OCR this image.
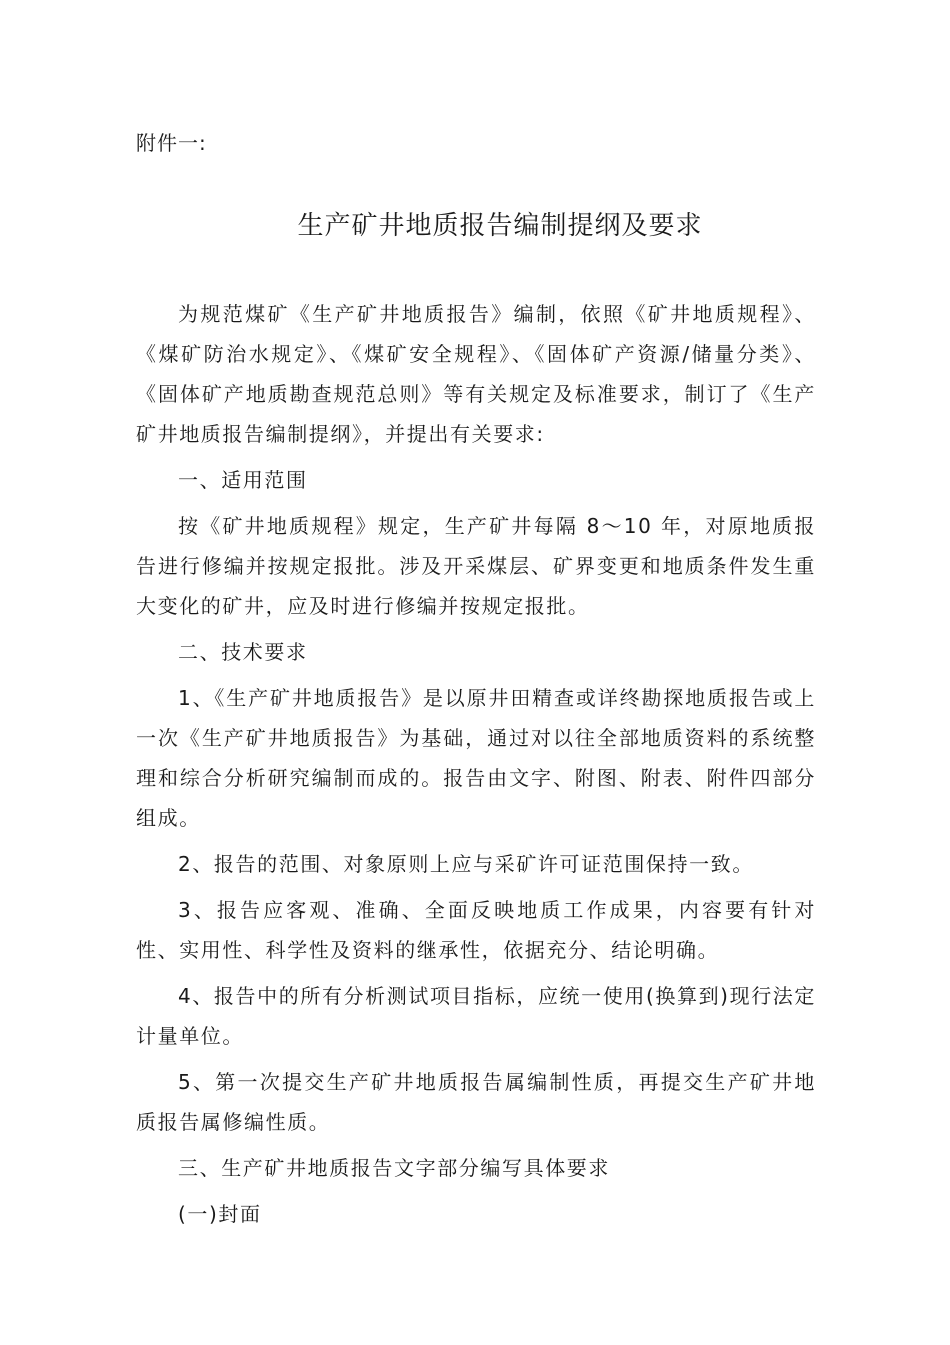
附件一:
生产矿井地质报告编制提纲及要求

为规范煤矿《生产矿井地质报告》编制，依照《矿井地质规程》、《煤矿防治水规定》、《煤矿安全规程》、《固体矿产资源/储量分类》、《固体矿产地质勘查规范总则》等有关规定及标准要求，制订了《生产矿井地质报告编制提纲》，并提出有关要求:

一、适用范围

按《矿井地质规程》规定，生产矿井每隔 8～10 年，对原地质报告进行修编并按规定报批。涉及开采煤层、矿界变更和地质条件发生重大变化的矿井，应及时进行修编并按规定报批。

二、技术要求

1、《生产矿井地质报告》是以原井田精查或详终勘探地质报告或上一次《生产矿井地质报告》为基础，通过对以往全部地质资料的系统整理和综合分析研究编制而成的。报告由文字、附图、附表、附件四部分组成。

2、报告的范围、对象原则上应与采矿许可证范围保持一致。

3、报告应客观、准确、全面反映地质工作成果，内容要有针对性、实用性、科学性及资料的继承性，依据充分、结论明确。

4、报告中的所有分析测试项目指标，应统一使用(换算到)现行法定计量单位。

5、第一次提交生产矿井地质报告属编制性质，再提交生产矿井地质报告属修编性质。

三、生产矿井地质报告文字部分编写具体要求

(一)封面
